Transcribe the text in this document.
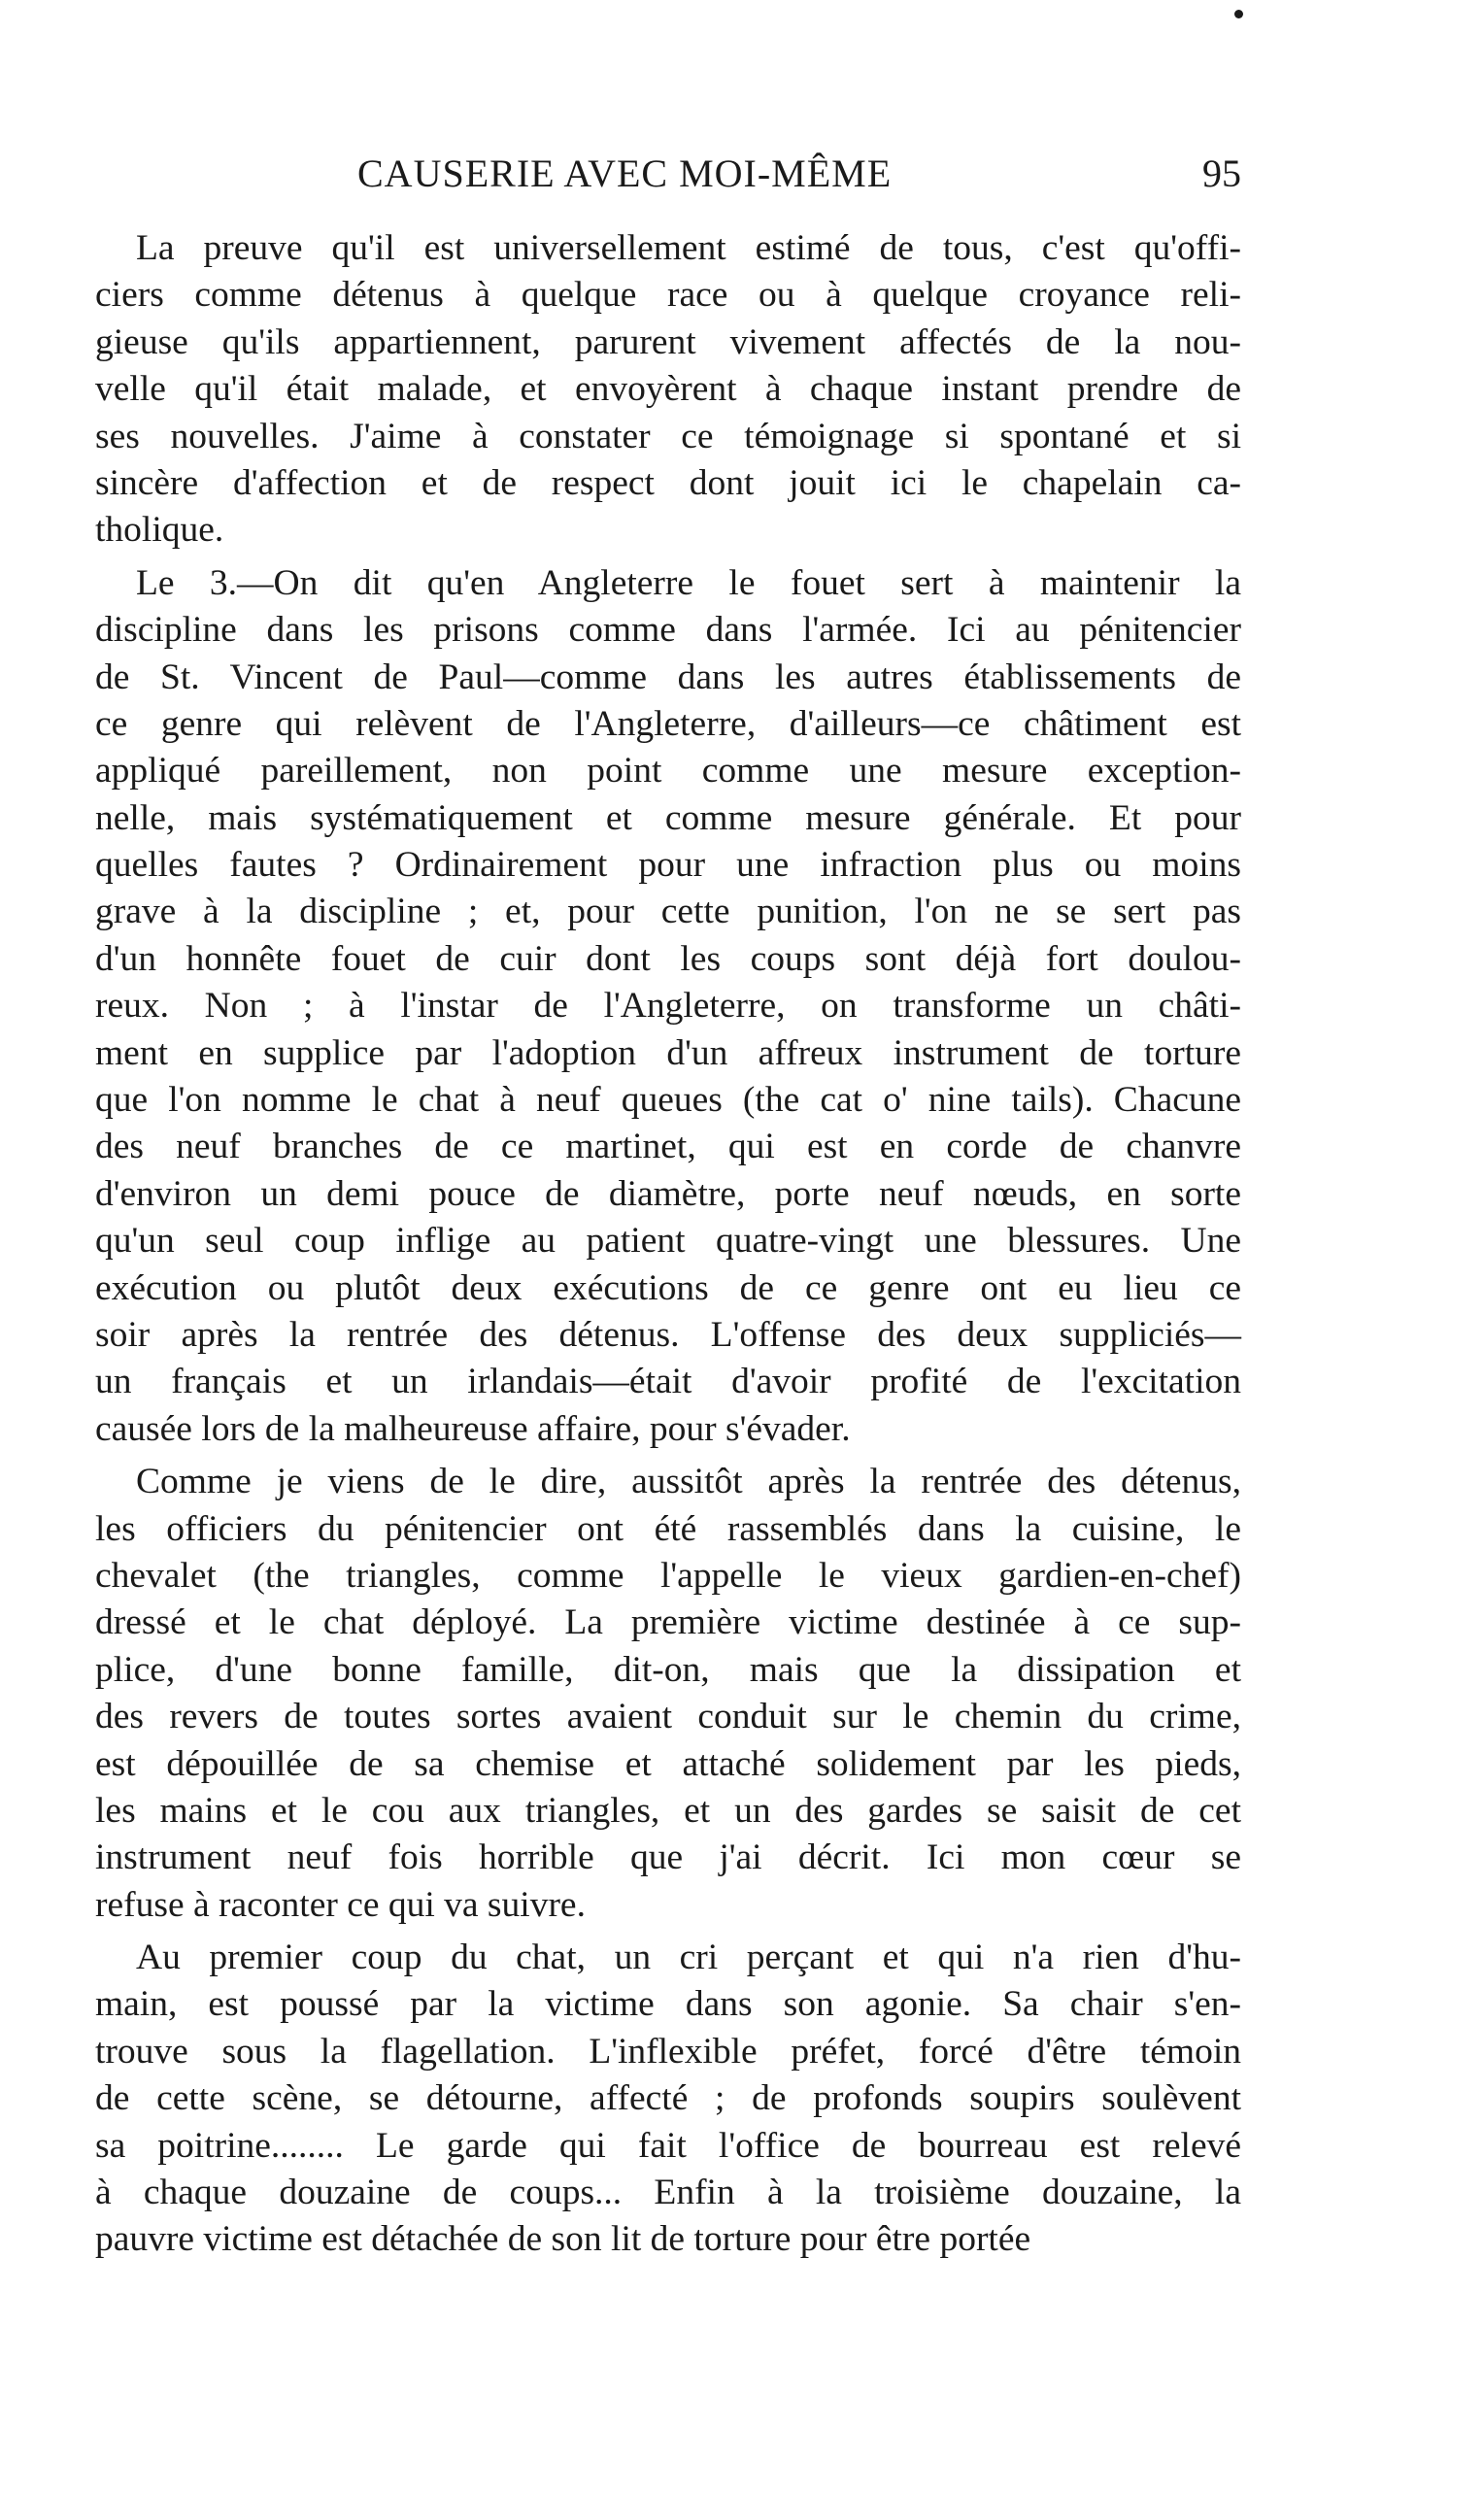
CAUSERIE AVEC MOI-MÊME	95
La preuve qu'il est universellement estimé de tous, c'est qu'offi-
ciers comme détenus à quelque race ou à quelque croyance reli-
gieuse qu'ils appartiennent, parurent vivement affectés de la nou-
velle qu'il était malade, et envoyèrent à chaque instant prendre de
ses nouvelles. J'aime à constater ce témoignage si spontané et si
sincère d'affection et de respect dont jouit ici le chapelain ca-
tholique.
Le 3.—On dit qu'en Angleterre le fouet sert à maintenir la
discipline dans les prisons comme dans l'armée. Ici au pénitencier
de St. Vincent de Paul—comme dans les autres établissements de
ce genre qui relèvent de l'Angleterre, d'ailleurs—ce châtiment est
appliqué pareillement, non point comme une mesure exception-
nelle, mais systématiquement et comme mesure générale. Et pour
quelles fautes ? Ordinairement pour une infraction plus ou moins
grave à la discipline ; et, pour cette punition, l'on ne se sert pas
d'un honnête fouet de cuir dont les coups sont déjà fort doulou-
reux. Non ; à l'instar de l'Angleterre, on transforme un châti-
ment en supplice par l'adoption d'un affreux instrument de torture
que l'on nomme le chat à neuf queues (the cat o' nine tails). Chacune
des neuf branches de ce martinet, qui est en corde de chanvre
d'environ un demi pouce de diamètre, porte neuf nœuds, en sorte
qu'un seul coup inflige au patient quatre-vingt une blessures. Une
exécution ou plutôt deux exécutions de ce genre ont eu lieu ce
soir après la rentrée des détenus. L'offense des deux suppliciés—
un français et un irlandais—était d'avoir profité de l'excitation
causée lors de la malheureuse affaire, pour s'évader.
Comme je viens de le dire, aussitôt après la rentrée des détenus,
les officiers du pénitencier ont été rassemblés dans la cuisine, le
chevalet (the triangles, comme l'appelle le vieux gardien-en-chef)
dressé et le chat déployé. La première victime destinée à ce sup-
plice, d'une bonne famille, dit-on, mais que la dissipation et
des revers de toutes sortes avaient conduit sur le chemin du crime,
est dépouillée de sa chemise et attaché solidement par les pieds,
les mains et le cou aux triangles, et un des gardes se saisit de cet
instrument neuf fois horrible que j'ai décrit. Ici mon cœur se
refuse à raconter ce qui va suivre.
Au premier coup du chat, un cri perçant et qui n'a rien d'hu-
main, est poussé par la victime dans son agonie. Sa chair s'en-
trouve sous la flagellation. L'inflexible préfet, forcé d'être témoin
de cette scène, se détourne, affecté ; de profonds soupirs soulèvent
sa poitrine........ Le garde qui fait l'office de bourreau est relevé
à chaque douzaine de coups... Enfin à la troisième douzaine, la
pauvre victime est détachée de son lit de torture pour être portée
